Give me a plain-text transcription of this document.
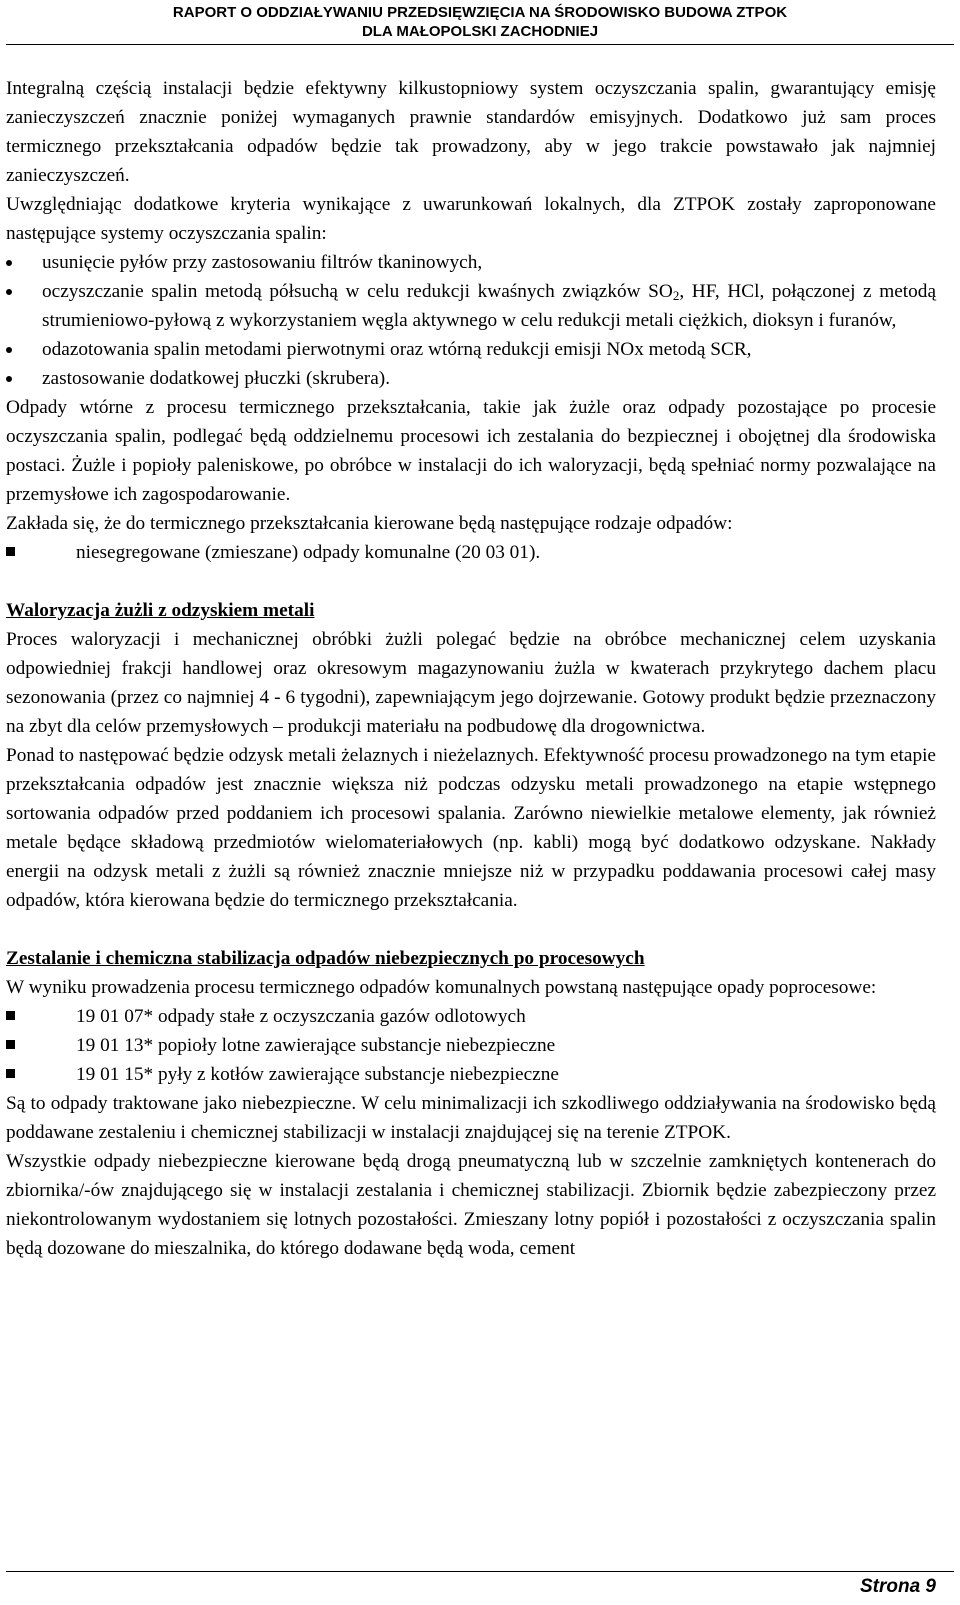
RAPORT O ODDZIAŁYWANIU PRZEDSIĘWZIĘCIA NA ŚRODOWISKO BUDOWA ZTPOK
DLA MAŁOPOLSKI ZACHODNIEJ

Integralną częścią instalacji będzie efektywny kilkustopniowy system oczyszczania spalin, gwarantujący emisję zanieczyszczeń znacznie poniżej wymaganych prawnie standardów emisyjnych. Dodatkowo już sam proces termicznego przekształcania odpadów będzie tak prowadzony, aby w jego trakcie powstawało jak najmniej zanieczyszczeń.

Uwzględniając dodatkowe kryteria wynikające z uwarunkowań lokalnych, dla ZTPOK zostały zaproponowane następujące systemy oczyszczania spalin:

usunięcie pyłów przy zastosowaniu filtrów tkaninowych,
oczyszczanie spalin metodą półsuchą w celu redukcji kwaśnych związków $SO_2$, HF, HCl, połączonej z metodą strumieniowo-pyłową z wykorzystaniem węgla aktywnego w celu redukcji metali ciężkich, dioksyn i furanów,
odazotowania spalin metodami pierwotnymi oraz wtórną redukcji emisji NOx metodą SCR,
zastosowanie dodatkowej płuczki (skrubera).

Odpady wtórne z procesu termicznego przekształcania, takie jak żużle oraz odpady pozostające po procesie oczyszczania spalin, podlegać będą oddzielnemu procesowi ich zestalania do bezpiecznej i obojętnej dla środowiska postaci. Żużle i popioły paleniskowe, po obróbce w instalacji do ich waloryzacji, będą spełniać normy pozwalające na przemysłowe ich zagospodarowanie.

Zakłada się, że do termicznego przekształcania kierowane będą następujące rodzaje odpadów:

niesegregowane (zmieszane) odpady komunalne (20 03 01).
Waloryzacja żużli z odzyskiem metali

Proces waloryzacji i mechanicznej obróbki żużli polegać będzie na obróbce mechanicznej celem uzyskania odpowiedniej frakcji handlowej oraz okresowym magazynowaniu żużla w kwaterach przykrytego dachem placu sezonowania (przez co najmniej 4 - 6 tygodni), zapewniającym jego dojrzewanie. Gotowy produkt będzie przeznaczony na zbyt dla celów przemysłowych – produkcji materiału na podbudowę dla drogownictwa.

Ponad to następować będzie odzysk metali żelaznych i nieżelaznych. Efektywność procesu prowadzonego na tym etapie przekształcania odpadów jest znacznie większa niż podczas odzysku metali prowadzonego na etapie wstępnego sortowania odpadów przed poddaniem ich procesowi spalania. Zarówno niewielkie metalowe elementy, jak również metale będące składową przedmiotów wielomateriałowych (np. kabli) mogą być dodatkowo odzyskane. Nakłady energii na odzysk metali z żużli są również znacznie mniejsze niż w przypadku poddawania procesowi całej masy odpadów, która kierowana będzie do termicznego przekształcania.

Zestalanie i chemiczna stabilizacja odpadów niebezpiecznych po procesowych

W wyniku prowadzenia procesu termicznego odpadów komunalnych powstaną następujące opady poprocesowe:

19 01 07* odpady stałe z oczyszczania gazów odlotowych
19 01 13* popioły lotne zawierające substancje niebezpieczne
19 01 15* pyły z kotłów zawierające substancje niebezpieczne

Są to odpady traktowane jako niebezpieczne. W celu minimalizacji ich szkodliwego oddziaływania na środowisko będą poddawane zestaleniu i chemicznej stabilizacji w instalacji znajdującej się na terenie ZTPOK.

Wszystkie odpady niebezpieczne kierowane będą drogą pneumatyczną lub w szczelnie zamkniętych kontenerach do zbiornika/-ów znajdującego się w instalacji zestalania i chemicznej stabilizacji. Zbiornik będzie zabezpieczony przez niekontrolowanym wydostaniem się lotnych pozostałości. Zmieszany lotny popiół i pozostałości z oczyszczania spalin będą dozowane do mieszalnika, do którego dodawane będą woda, cement

Strona 9
